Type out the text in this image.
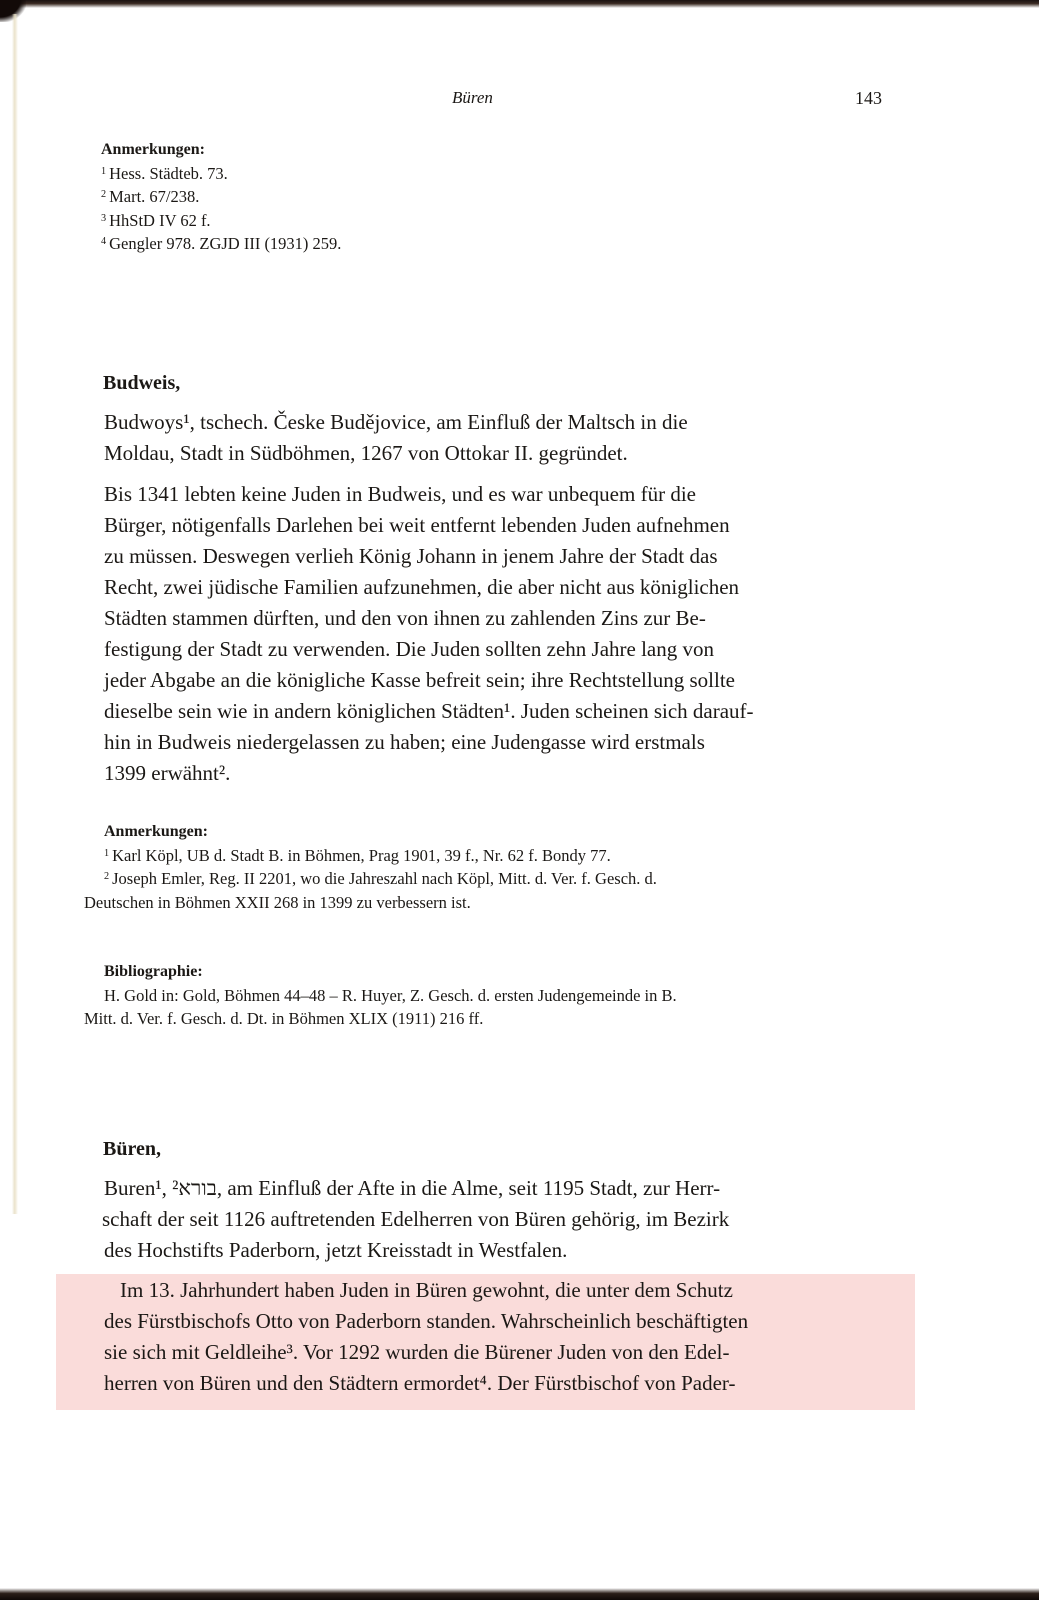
Büren	143
Anmerkungen:
$^1$ Hess. Städteb. 73.
$^2$ Mart. 67/238.
$^3$ HhStD IV 62 f.
$^4$ Gengler 978. ZGJD III (1931) 259.
Budweis,
Budwoys¹, tschech. Česke Budějovice, am Einfluß der Maltsch in die
Moldau, Stadt in Südböhmen, 1267 von Ottokar II. gegründet.
Bis 1341 lebten keine Juden in Budweis, und es war unbequem für die
Bürger, nötigenfalls Darlehen bei weit entfernt lebenden Juden aufnehmen
zu müssen. Deswegen verlieh König Johann in jenem Jahre der Stadt das
Recht, zwei jüdische Familien aufzunehmen, die aber nicht aus königlichen
Städten stammen dürften, und den von ihnen zu zahlenden Zins zur Be-
festigung der Stadt zu verwenden. Die Juden sollten zehn Jahre lang von
jeder Abgabe an die königliche Kasse befreit sein; ihre Rechtstellung sollte
dieselbe sein wie in andern königlichen Städten¹. Juden scheinen sich darauf-
hin in Budweis niedergelassen zu haben; eine Judengasse wird erstmals
1399 erwähnt².
Anmerkungen:
$^1$ Karl Köpl, UB d. Stadt B. in Böhmen, Prag 1901, 39 f., Nr. 62 f. Bondy 77.
$^2$ Joseph Emler, Reg. II 2201, wo die Jahreszahl nach Köpl, Mitt. d. Ver. f. Gesch. d.
Deutschen in Böhmen XXII 268 in 1399 zu verbessern ist.
Bibliographie:
H. Gold in: Gold, Böhmen 44–48 – R. Huyer, Z. Gesch. d. ersten Judengemeinde in B.
Mitt. d. Ver. f. Gesch. d. Dt. in Böhmen XLIX (1911) 216 ff.
Büren,
Buren¹, בורא², am Einfluß der Afte in die Alme, seit 1195 Stadt, zur Herr-
schaft der seit 1126 auftretenden Edelherren von Büren gehörig, im Bezirk
des Hochstifts Paderborn, jetzt Kreisstadt in Westfalen.
Im 13. Jahrhundert haben Juden in Büren gewohnt, die unter dem Schutz
des Fürstbischofs Otto von Paderborn standen. Wahrscheinlich beschäftigten
sie sich mit Geldleihe³. Vor 1292 wurden die Bürener Juden von den Edel-
herren von Büren und den Städtern ermordet⁴. Der Fürstbischof von Pader-
